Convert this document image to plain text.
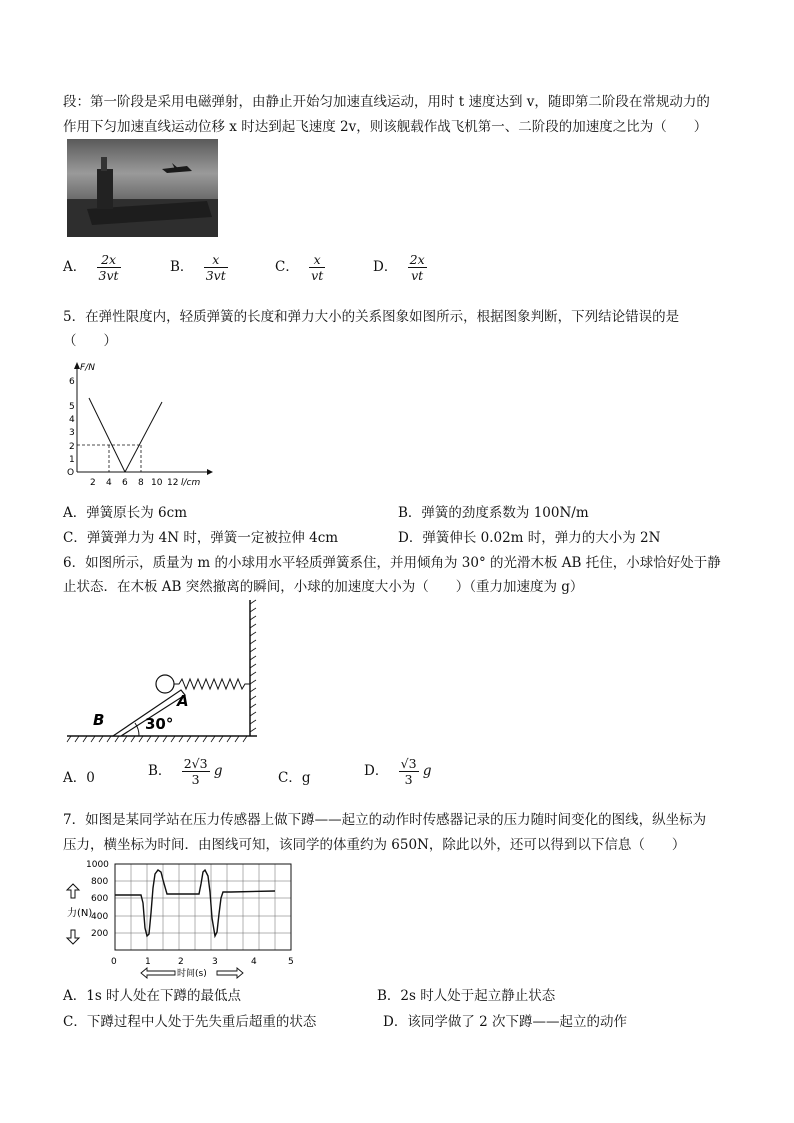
段：第一阶段是采用电磁弹射，由静止开始匀加速直线运动，用时 t 速度达到 v，随即第二阶段在常规动力的
作用下匀加速直线运动位移 x 时达到起飞速度 2v，则该舰载作战飞机第一、二阶段的加速度之比为（　　）
A． $\frac{2x}{3vt}$	B． $\frac{x}{3vt}$	C． $\frac{x}{vt}$	D． $\frac{2x}{vt}$
5．在弹性限度内，轻质弹簧的长度和弹力大小的关系图象如图所示，根据图象判断，下列结论错误的是
（　　）
O
1
2
3
4
5
6
F/N
2 4 6 8 10 12 l/cm
A．弹簧原长为 6cm	B．弹簧的劲度系数为 100N/m
C．弹簧弹力为 4N 时，弹簧一定被拉伸 4cm	D．弹簧伸长 0.02m 时，弹力的大小为 2N
6．如图所示，质量为 m 的小球用水平轻质弹簧系住，并用倾角为 30° 的光滑木板 AB 托住，小球恰好处于静
止状态．在木板 AB 突然撤离的瞬间，小球的加速度大小为（　　）（重力加速度为 g）
A
B	30°
A．0	B． $\frac{2√3}{3}$ g	C．g	D． $\frac{√3}{3}$ g
7．如图是某同学站在压力传感器上做下蹲——起立的动作时传感器记录的压力随时间变化的图线，纵坐标为
压力，横坐标为时间．由图线可知，该同学的体重约为 650N，除此以外，还可以得到以下信息（　　）
1000
800
600
400
200
力(N)
0	1	2	3	4	5
时间(s)
A．1s 时人处在下蹲的最低点	B．2s 时人处于起立静止状态
C．下蹲过程中人处于先失重后超重的状态	D．该同学做了 2 次下蹲——起立的动作
